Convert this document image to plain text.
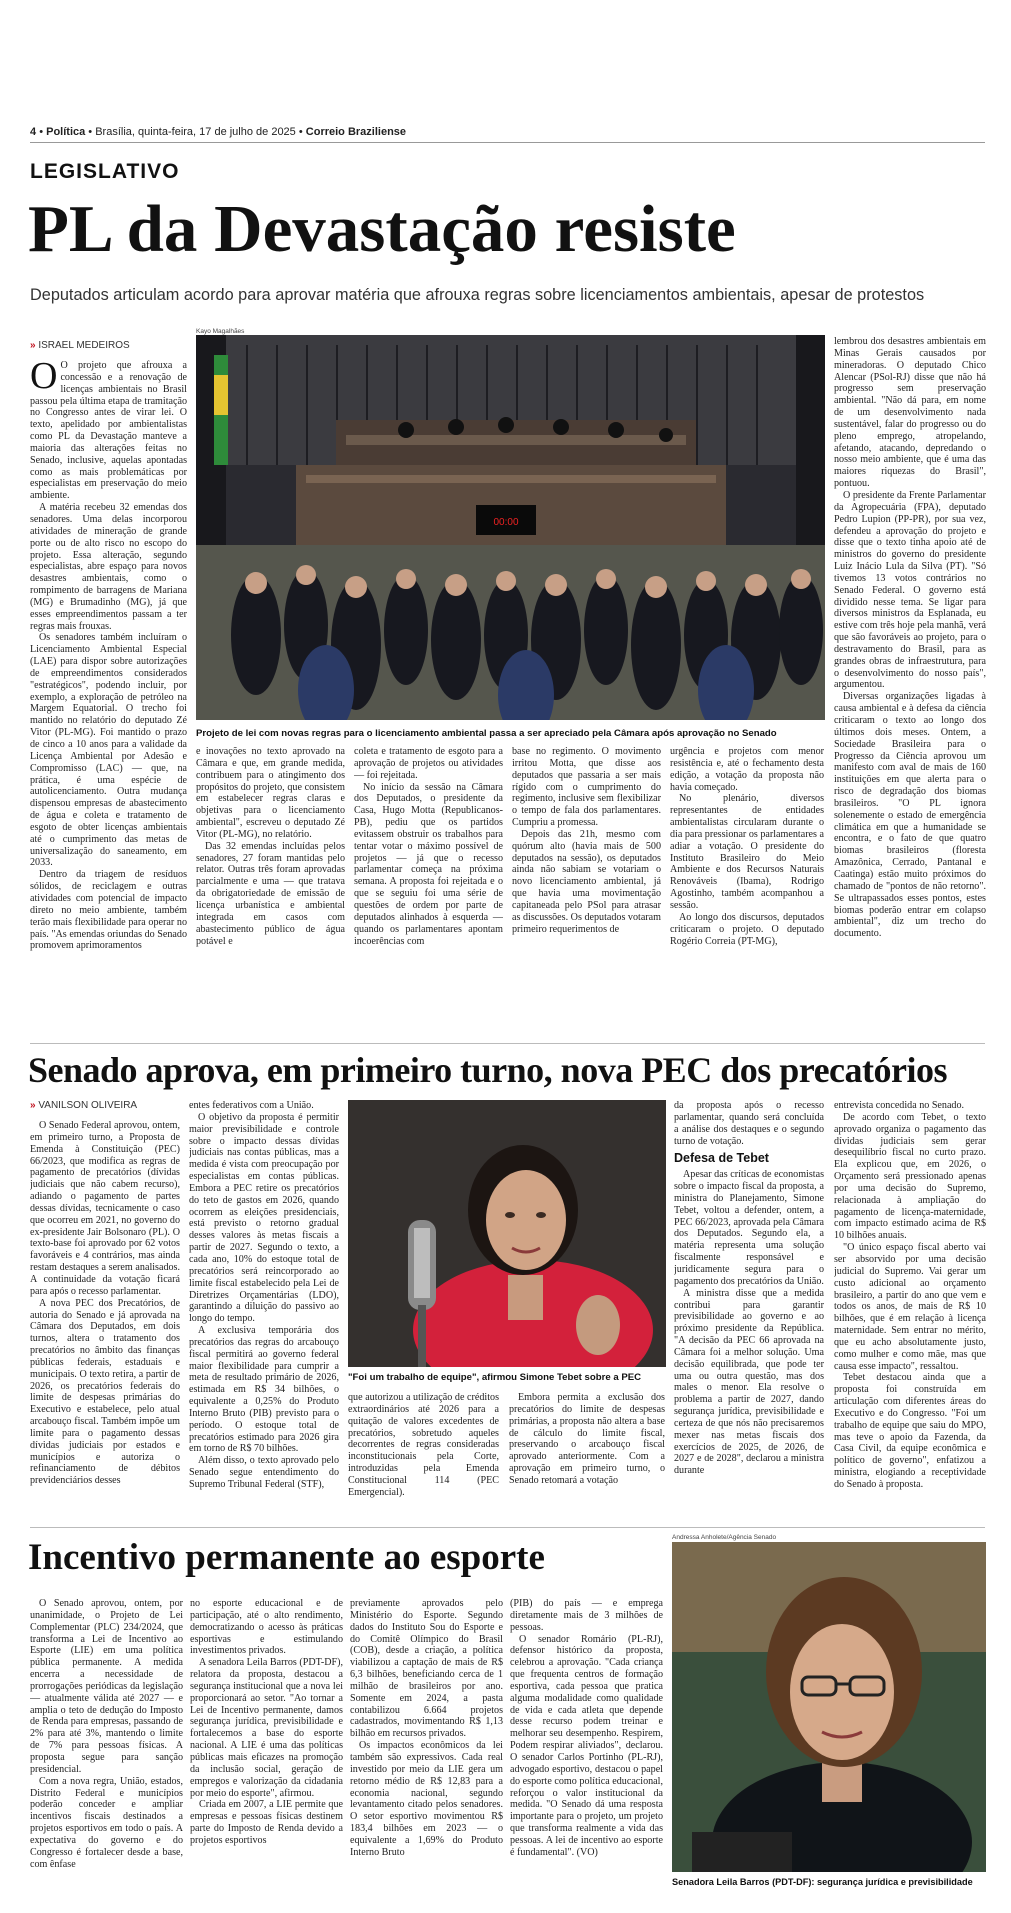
4 • Política • Brasília, quinta-feira, 17 de julho de 2025 • Correio Braziliense
LEGISLATIVO
PL da Devastação resiste
Deputados articulam acordo para aprovar matéria que afrouxa regras sobre licenciamentos ambientais, apesar de protestos
» ISRAEL MEDEIROS

O O projeto que afrouxa a concessão e a renovação de licenças ambientais no Brasil passou pela última etapa de tramitação no Congresso antes de virar lei. O texto, apelidado por ambientalistas como PL da Devastação manteve a maioria das alterações feitas no Senado, inclusive, aquelas apontadas como as mais problemáticas por especialistas em preservação do meio ambiente.

A matéria recebeu 32 emendas dos senadores. Uma delas incorporou atividades de mineração de grande porte ou de alto risco no escopo do projeto. Essa alteração, segundo especialistas, abre espaço para novos desastres ambientais, como o rompimento de barragens de Mariana (MG) e Brumadinho (MG), já que esses empreendimentos passam a ter regras mais frouxas.

Os senadores também incluíram o Licenciamento Ambiental Especial (LAE) para dispor sobre autorizações de empreendimentos considerados "estratégicos", podendo incluir, por exemplo, a exploração de petróleo na Margem Equatorial. O trecho foi mantido no relatório do deputado Zé Vitor (PL-MG). Foi mantido o prazo de cinco a 10 anos para a validade da Licença Ambiental por Adesão e Compromisso (LAC) — que, na prática, é uma espécie de autolicenciamento. Outra mudança dispensou empresas de abastecimento de água e coleta e tratamento de esgoto de obter licenças ambientais até o cumprimento das metas de universalização do saneamento, em 2033.

Dentro da triagem de resíduos sólidos, de reciclagem e outras atividades com potencial de impacto direto no meio ambiente, também terão mais flexibilidade para operar no país. "As emendas oriundas do Senado promovem aprimoramentos

Kayo Magalhães
00:00
Projeto de lei com novas regras para o licenciamento ambiental passa a ser apreciado pela Câmara após aprovação no Senado

e inovações no texto aprovado na Câmara e que, em grande medida, contribuem para o atingimento dos propósitos do projeto, que consistem em estabelecer regras claras e objetivas para o licenciamento ambiental", escreveu o deputado Zé Vitor (PL-MG), no relatório.

Das 32 emendas incluídas pelos senadores, 27 foram mantidas pelo relator. Outras três foram aprovadas parcialmente e uma — que tratava da obrigatoriedade de emissão de licença urbanística e ambiental integrada em casos com abastecimento público de água potável e

coleta e tratamento de esgoto para a aprovação de projetos ou atividades — foi rejeitada.

No início da sessão na Câmara dos Deputados, o presidente da Casa, Hugo Motta (Republicanos-PB), pediu que os partidos evitassem obstruir os trabalhos para tentar votar o máximo possível de projetos — já que o recesso parlamentar começa na próxima semana. A proposta foi rejeitada e o que se seguiu foi uma série de questões de ordem por parte de deputados alinhados à esquerda — quando os parlamentares apontam incoerências com

base no regimento. O movimento irritou Motta, que disse aos deputados que passaria a ser mais rígido com o cumprimento do regimento, inclusive sem flexibilizar o tempo de fala dos parlamentares. Cumpriu a promessa.

Depois das 21h, mesmo com quórum alto (havia mais de 500 deputados na sessão), os deputados ainda não sabiam se votariam o novo licenciamento ambiental, já que havia uma movimentação capitaneada pelo PSol para atrasar as discussões. Os deputados votaram primeiro requerimentos de

urgência e projetos com menor resistência e, até o fechamento desta edição, a votação da proposta não havia começado.

No plenário, diversos representantes de entidades ambientalistas circularam durante o dia para pressionar os parlamentares a adiar a votação. O presidente do Instituto Brasileiro do Meio Ambiente e dos Recursos Naturais Renováveis (Ibama), Rodrigo Agostinho, também acompanhou a sessão.

Ao longo dos discursos, deputados criticaram o projeto. O deputado Rogério Correia (PT-MG),

lembrou dos desastres ambientais em Minas Gerais causados por mineradoras. O deputado Chico Alencar (PSol-RJ) disse que não há progresso sem preservação ambiental. "Não dá para, em nome de um desenvolvimento nada sustentável, falar do progresso ou do pleno emprego, atropelando, afetando, atacando, depredando o nosso meio ambiente, que é uma das maiores riquezas do Brasil", pontuou.

O presidente da Frente Parlamentar da Agropecuária (FPA), deputado Pedro Lupion (PP-PR), por sua vez, defendeu a aprovação do projeto e disse que o texto tinha apoio até de ministros do governo do presidente Luiz Inácio Lula da Silva (PT). "Só tivemos 13 votos contrários no Senado Federal. O governo está dividido nesse tema. Se ligar para diversos ministros da Esplanada, eu estive com três hoje pela manhã, verá que são favoráveis ao projeto, para o destravamento do Brasil, para as grandes obras de infraestrutura, para o desenvolvimento do nosso país", argumentou.

Diversas organizações ligadas à causa ambiental e à defesa da ciência criticaram o texto ao longo dos últimos dois meses. Ontem, a Sociedade Brasileira para o Progresso da Ciência aprovou um manifesto com aval de mais de 160 instituições em que alerta para o risco de degradação dos biomas brasileiros. "O PL ignora solenemente o estado de emergência climática em que a humanidade se encontra, e o fato de que quatro biomas brasileiros (floresta Amazônica, Cerrado, Pantanal e Caatinga) estão muito próximos do chamado de "pontos de não retorno". Se ultrapassados esses pontos, estes biomas poderão entrar em colapso ambiental", diz um trecho do documento.

Senado aprova, em primeiro turno, nova PEC dos precatórios
» VANILSON OLIVEIRA

O Senado Federal aprovou, ontem, em primeiro turno, a Proposta de Emenda à Constituição (PEC) 66/2023, que modifica as regras de pagamento de precatórios (dívidas judiciais que não cabem recurso), adiando o pagamento de partes dessas dívidas, tecnicamente o caso que ocorreu em 2021, no governo do ex-presidente Jair Bolsonaro (PL). O texto-base foi aprovado por 62 votos favoráveis e 4 contrários, mas ainda restam destaques a serem analisados. A continuidade da votação ficará para após o recesso parlamentar.

A nova PEC dos Precatórios, de autoria do Senado e já aprovada na Câmara dos Deputados, em dois turnos, altera o tratamento dos precatórios no âmbito das finanças públicas federais, estaduais e municipais. O texto retira, a partir de 2026, os precatórios federais do limite de despesas primárias do Executivo e estabelece, pelo atual arcabouço fiscal. Também impõe um limite para o pagamento dessas dívidas judiciais por estados e municípios e autoriza o refinanciamento de débitos previdenciários desses

entes federativos com a União.

O objetivo da proposta é permitir maior previsibilidade e controle sobre o impacto dessas dívidas judiciais nas contas públicas, mas a medida é vista com preocupação por especialistas em contas públicas. Embora a PEC retire os precatórios do teto de gastos em 2026, quando ocorrem as eleições presidenciais, está previsto o retorno gradual desses valores às metas fiscais a partir de 2027. Segundo o texto, a cada ano, 10% do estoque total de precatórios será reincorporado ao limite fiscal estabelecido pela Lei de Diretrizes Orçamentárias (LDO), garantindo a diluição do passivo ao longo do tempo.

A exclusiva temporária dos precatórios das regras do arcabouço fiscal permitirá ao governo federal maior flexibilidade para cumprir a meta de resultado primário de 2026, estimada em R$ 34 bilhões, o equivalente a 0,25% do Produto Interno Bruto (PIB) previsto para o período. O estoque total de precatórios estimado para 2026 gira em torno de R$ 70 bilhões.

Além disso, o texto aprovado pelo Senado segue entendimento do Supremo Tribunal Federal (STF),

"Foi um trabalho de equipe", afirmou Simone Tebet sobre a PEC

que autorizou a utilização de créditos extraordinários até 2026 para a quitação de valores excedentes de precatórios, sobretudo aqueles decorrentes de regras consideradas inconstitucionais pela Corte, introduzidas pela Emenda Constitucional 114 (PEC Emergencial).

Embora permita a exclusão dos precatórios do limite de despesas primárias, a proposta não altera a base de cálculo do limite fiscal, preservando o arcabouço fiscal aprovado anteriormente. Com a aprovação em primeiro turno, o Senado retomará a votação

da proposta após o recesso parlamentar, quando será concluída a análise dos destaques e o segundo turno de votação.

Defesa de Tebet

Apesar das críticas de economistas sobre o impacto fiscal da proposta, a ministra do Planejamento, Simone Tebet, voltou a defender, ontem, a PEC 66/2023, aprovada pela Câmara dos Deputados. Segundo ela, a matéria representa uma solução fiscalmente responsável e juridicamente segura para o pagamento dos precatórios da União.

A ministra disse que a medida contribui para garantir previsibilidade ao governo e ao próximo presidente da República. "A decisão da PEC 66 aprovada na Câmara foi a melhor solução. Uma decisão equilibrada, que pode ter uma ou outra questão, mas dos males o menor. Ela resolve o problema a partir de 2027, dando segurança jurídica, previsibilidade e certeza de que nós não precisaremos mexer nas metas fiscais dos exercícios de 2025, de 2026, de 2027 e de 2028", declarou a ministra durante

entrevista concedida no Senado.

De acordo com Tebet, o texto aprovado organiza o pagamento das dívidas judiciais sem gerar desequilíbrio fiscal no curto prazo. Ela explicou que, em 2026, o Orçamento será pressionado apenas por uma decisão do Supremo, relacionada à ampliação do pagamento de licença-maternidade, com impacto estimado acima de R$ 10 bilhões anuais.

"O único espaço fiscal aberto vai ser absorvido por uma decisão judicial do Supremo. Vai gerar um custo adicional ao orçamento brasileiro, a partir do ano que vem e todos os anos, de mais de R$ 10 bilhões, que é em relação à licença maternidade. Sem entrar no mérito, que eu acho absolutamente justo, como mulher e como mãe, mas que causa esse impacto", ressaltou.

Tebet destacou ainda que a proposta foi construída em articulação com diferentes áreas do Executivo e do Congresso. "Foi um trabalho de equipe que saiu do MPO, mas teve o apoio da Fazenda, da Casa Civil, da equipe econômica e político de governo", enfatizou a ministra, elogiando a receptividade do Senado à proposta.

Incentivo permanente ao esporte

O Senado aprovou, ontem, por unanimidade, o Projeto de Lei Complementar (PLC) 234/2024, que transforma a Lei de Incentivo ao Esporte (LIE) em uma política pública permanente. A medida encerra a necessidade de prorrogações periódicas da legislação — atualmente válida até 2027 — e amplia o teto de dedução do Imposto de Renda para empresas, passando de 2% para até 3%, mantendo o limite de 7% para pessoas físicas. A proposta segue para sanção presidencial.

Com a nova regra, União, estados, Distrito Federal e municípios poderão conceder e ampliar incentivos fiscais destinados a projetos esportivos em todo o país. A expectativa do governo e do Congresso é fortalecer desde a base, com ênfase

no esporte educacional e de participação, até o alto rendimento, democratizando o acesso às práticas esportivas e estimulando investimentos privados.

A senadora Leila Barros (PDT-DF), relatora da proposta, destacou a segurança institucional que a nova lei proporcionará ao setor. "Ao tornar a Lei de Incentivo permanente, damos segurança jurídica, previsibilidade e fortalecemos a base do esporte nacional. A LIE é uma das políticas públicas mais eficazes na promoção da inclusão social, geração de empregos e valorização da cidadania por meio do esporte", afirmou.

Criada em 2007, a LIE permite que empresas e pessoas físicas destinem parte do Imposto de Renda devido a projetos esportivos

previamente aprovados pelo Ministério do Esporte. Segundo dados do Instituto Sou do Esporte e do Comitê Olímpico do Brasil (COB), desde a criação, a política viabilizou a captação de mais de R$ 6,3 bilhões, beneficiando cerca de 1 milhão de brasileiros por ano. Somente em 2024, a pasta contabilizou 6.664 projetos cadastrados, movimentando R$ 1,13 bilhão em recursos privados.

Os impactos econômicos da lei também são expressivos. Cada real investido por meio da LIE gera um retorno médio de R$ 12,83 para a economia nacional, segundo levantamento citado pelos senadores. O setor esportivo movimentou R$ 183,4 bilhões em 2023 — o equivalente a 1,69% do Produto Interno Bruto

(PIB) do país — e emprega diretamente mais de 3 milhões de pessoas.

O senador Romário (PL-RJ), defensor histórico da proposta, celebrou a aprovação. "Cada criança que frequenta centros de formação esportiva, cada pessoa que pratica alguma modalidade como qualidade de vida e cada atleta que depende desse recurso podem treinar e melhorar seu desempenho. Respirem, Podem respirar aliviados", declarou. O senador Carlos Portinho (PL-RJ), advogado esportivo, destacou o papel do esporte como política educacional, reforçou o valor institucional da medida. "O Senado dá uma resposta importante para o projeto, um projeto que transforma realmente a vida das pessoas. A lei de incentivo ao esporte é fundamental". (VO)

Andressa Anholete/Agência Senado
Senadora Leila Barros (PDT-DF): segurança jurídica e previsibilidade
